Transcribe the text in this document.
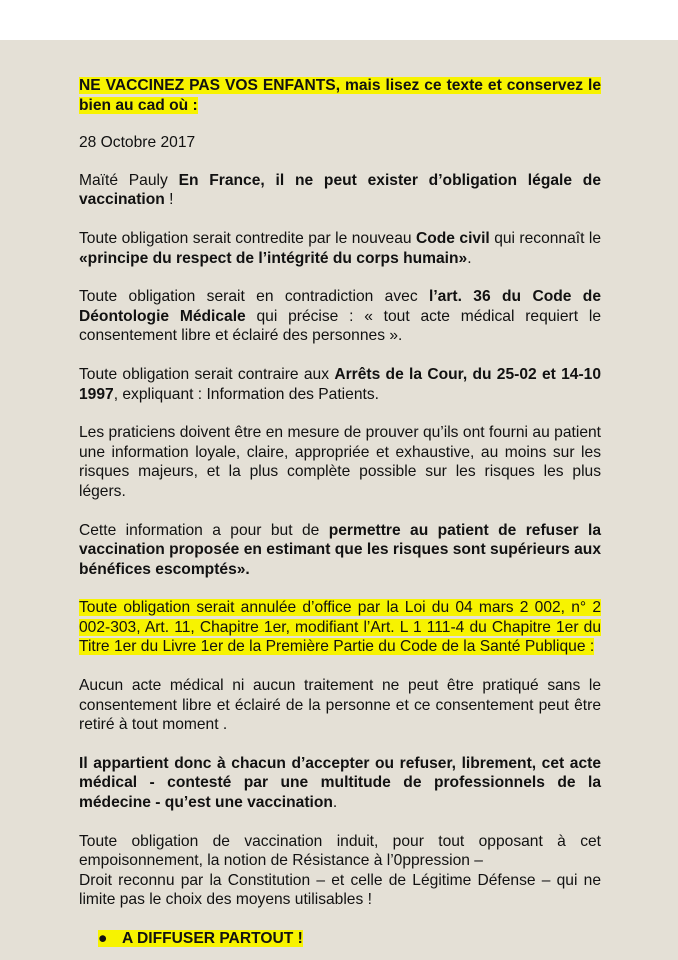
NE VACCINEZ PAS VOS ENFANTS, mais lisez ce texte et conservez le bien au cad où :

28 Octobre 2017

Maïté Pauly En France, il ne peut exister d’obligation légale de vaccination !

Toute obligation serait contredite par le nouveau Code civil qui reconnaît le «principe du respect de l’intégrité du corps humain».

Toute obligation serait en contradiction avec l’art. 36 du Code de Déontologie Médicale qui précise : « tout acte médical requiert le consentement libre et éclairé des personnes ».

Toute obligation serait contraire aux Arrêts de la Cour, du 25-02 et 14-10 1997, expliquant : Information des Patients.

Les praticiens doivent être en mesure de prouver qu’ils ont fourni au patient une information loyale, claire, appropriée et exhaustive, au moins sur les risques majeurs, et la plus complète possible sur les risques les plus légers.

Cette information a pour but de permettre au patient de refuser la vaccination proposée en estimant que les risques sont supérieurs aux bénéfices escomptés».

Toute obligation serait annulée d’office par la Loi du 04 mars 2 002, n° 2 002-303, Art. 11, Chapitre 1er, modifiant l’Art. L 1 111-4 du Chapitre 1er du Titre 1er du Livre 1er de la Première Partie du Code de la Santé Publique :

Aucun acte médical ni aucun traitement ne peut être pratiqué sans le consentement libre et éclairé de la personne et ce consentement peut être retiré à tout moment .

Il appartient donc à chacun d’accepter ou refuser, librement, cet acte médical - contesté par une multitude de professionnels de la médecine - qu’est une vaccination.

Toute obligation de vaccination induit, pour tout opposant à cet empoisonnement, la notion de Résistance à l’0ppression –
Droit reconnu par la Constitution – et celle de Légitime Défense – qui ne limite pas le choix des moyens utilisables !

● A DIFFUSER PARTOUT !
